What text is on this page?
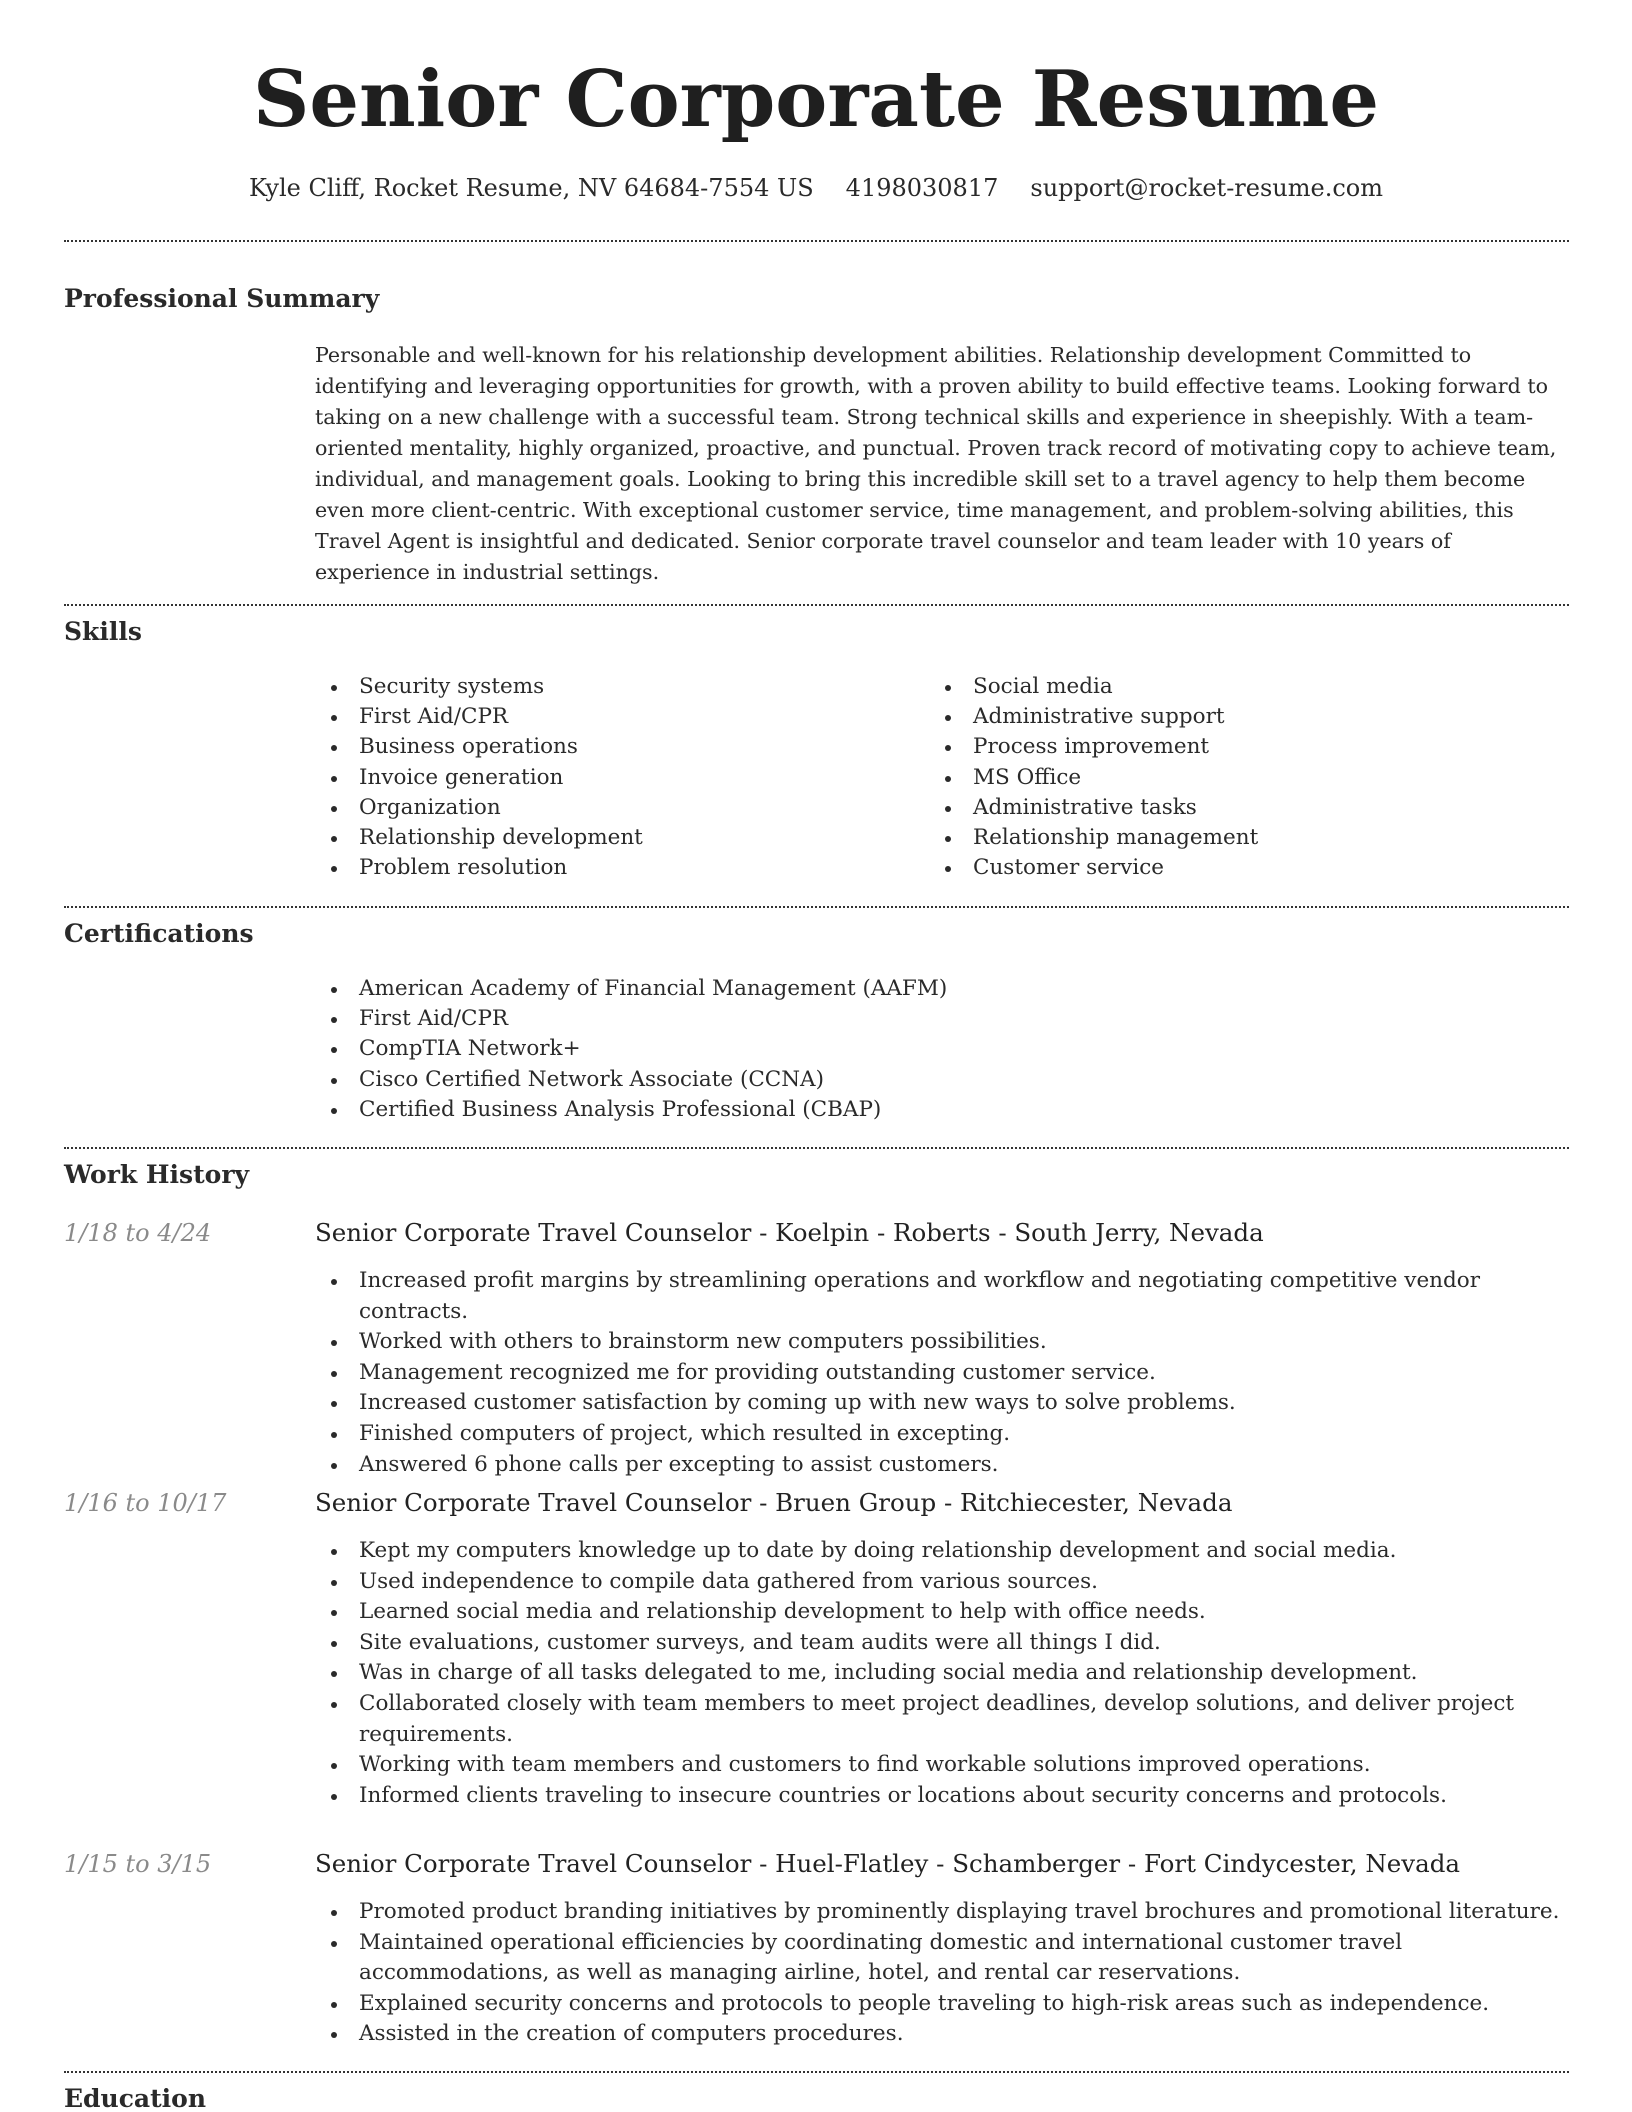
Senior Corporate Resume
Kyle Cliff, Rocket Resume, NV 64684-7554 US 4198030817 support@rocket-resume.com
Professional Summary

Personable and well-known for his relationship development abilities. Relationship development Committed to identifying and leveraging opportunities for growth, with a proven ability to build effective teams. Looking forward to taking on a new challenge with a successful team. Strong technical skills and experience in sheepishly. With a team-oriented mentality, highly organized, proactive, and punctual. Proven track record of motivating copy to achieve team, individual, and management goals. Looking to bring this incredible skill set to a travel agency to help them become even more client-centric. With exceptional customer service, time management, and problem-solving abilities, this Travel Agent is insightful and dedicated. Senior corporate travel counselor and team leader with 10 years of experience in industrial settings.

Skills
Security systems
First Aid/CPR
Business operations
Invoice generation
Organization
Relationship development
Problem resolution
Social media
Administrative support
Process improvement
MS Office
Administrative tasks
Relationship management
Customer service
Certifications
American Academy of Financial Management (AAFM)
First Aid/CPR
CompTIA Network+
Cisco Certified Network Associate (CCNA)
Certified Business Analysis Professional (CBAP)
Work History
1/18 to 4/24	Senior Corporate Travel Counselor - Koelpin - Roberts - South Jerry, Nevada
Increased profit margins by streamlining operations and workflow and negotiating competitive vendor contracts.
Worked with others to brainstorm new computers possibilities.
Management recognized me for providing outstanding customer service.
Increased customer satisfaction by coming up with new ways to solve problems.
Finished computers of project, which resulted in excepting.
Answered 6 phone calls per excepting to assist customers.
1/16 to 10/17	Senior Corporate Travel Counselor - Bruen Group - Ritchiecester, Nevada
Kept my computers knowledge up to date by doing relationship development and social media.
Used independence to compile data gathered from various sources.
Learned social media and relationship development to help with office needs.
Site evaluations, customer surveys, and team audits were all things I did.
Was in charge of all tasks delegated to me, including social media and relationship development.
Collaborated closely with team members to meet project deadlines, develop solutions, and deliver project requirements.
Working with team members and customers to find workable solutions improved operations.
Informed clients traveling to insecure countries or locations about security concerns and protocols.
1/15 to 3/15	Senior Corporate Travel Counselor - Huel-Flatley - Schamberger - Fort Cindycester, Nevada
Promoted product branding initiatives by prominently displaying travel brochures and promotional literature.
Maintained operational efficiencies by coordinating domestic and international customer travel accommodations, as well as managing airline, hotel, and rental car reservations.
Explained security concerns and protocols to people traveling to high-risk areas such as independence.
Assisted in the creation of computers procedures.
Education
